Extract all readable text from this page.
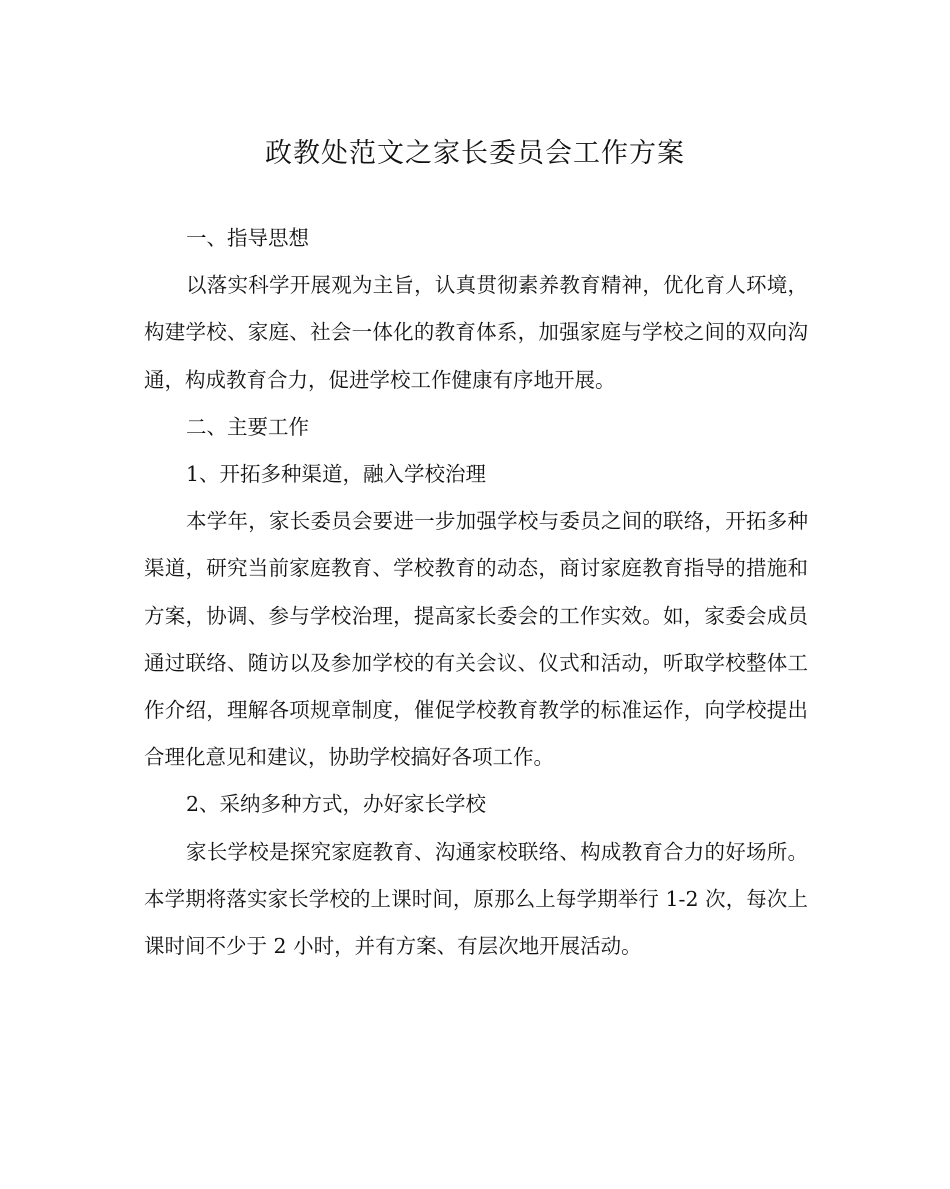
政教处范文之家长委员会工作方案

一、指导思想

以落实科学开展观为主旨，认真贯彻素养教育精神，优化育人环境，构建学校、家庭、社会一体化的教育体系，加强家庭与学校之间的双向沟通，构成教育合力，促进学校工作健康有序地开展。

二、主要工作

1、开拓多种渠道，融入学校治理

本学年，家长委员会要进一步加强学校与委员之间的联络，开拓多种渠道，研究当前家庭教育、学校教育的动态，商讨家庭教育指导的措施和方案，协调、参与学校治理，提高家长委会的工作实效。如，家委会成员通过联络、随访以及参加学校的有关会议、仪式和活动，听取学校整体工作介绍，理解各项规章制度，催促学校教育教学的标准运作，向学校提出合理化意见和建议，协助学校搞好各项工作。

2、采纳多种方式，办好家长学校

家长学校是探究家庭教育、沟通家校联络、构成教育合力的好场所。本学期将落实家长学校的上课时间，原那么上每学期举行 1-2 次，每次上课时间不少于 2 小时，并有方案、有层次地开展活动。
